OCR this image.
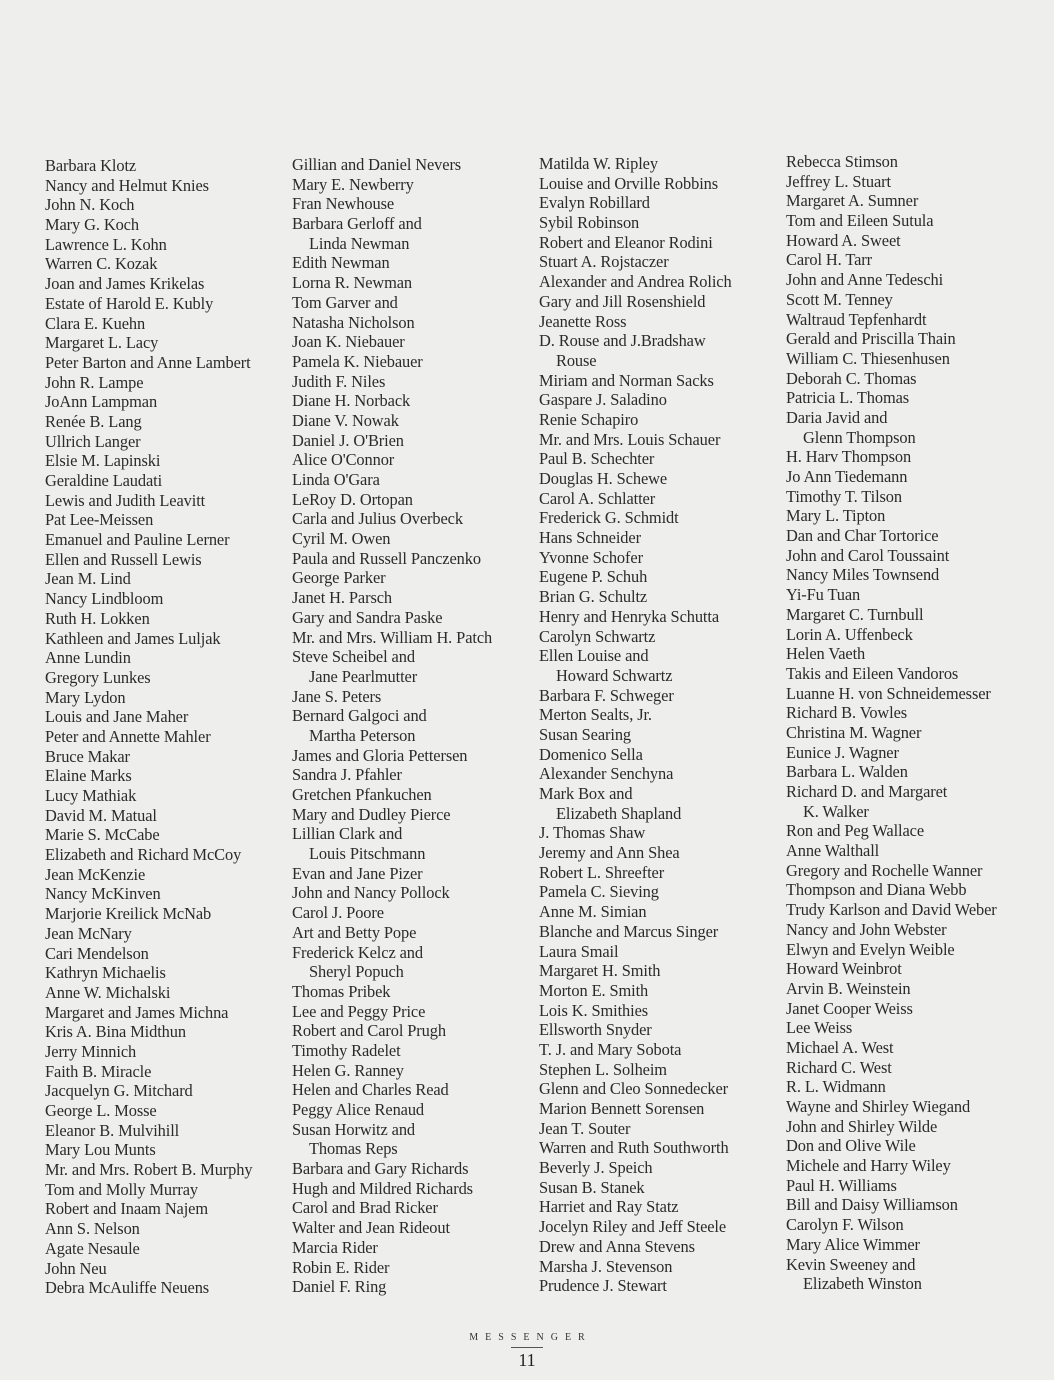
Barbara Klotz
Nancy and Helmut Knies
John N. Koch
Mary G. Koch
Lawrence L. Kohn
Warren C. Kozak
Joan and James Krikelas
Estate of Harold E. Kubly
Clara E. Kuehn
Margaret L. Lacy
Peter Barton and Anne Lambert
John R. Lampe
JoAnn Lampman
Renée B. Lang
Ullrich Langer
Elsie M. Lapinski
Geraldine Laudati
Lewis and Judith Leavitt
Pat Lee-Meissen
Emanuel and Pauline Lerner
Ellen and Russell Lewis
Jean M. Lind
Nancy Lindbloom
Ruth H. Lokken
Kathleen and James Luljak
Anne Lundin
Gregory Lunkes
Mary Lydon
Louis and Jane Maher
Peter and Annette Mahler
Bruce Makar
Elaine Marks
Lucy Mathiak
David M. Matual
Marie S. McCabe
Elizabeth and Richard McCoy
Jean McKenzie
Nancy McKinven
Marjorie Kreilick McNab
Jean McNary
Cari Mendelson
Kathryn Michaelis
Anne W. Michalski
Margaret and James Michna
Kris A. Bina Midthun
Jerry Minnich
Faith B. Miracle
Jacquelyn G. Mitchard
George L. Mosse
Eleanor B. Mulvihill
Mary Lou Munts
Mr. and Mrs. Robert B. Murphy
Tom and Molly Murray
Robert and Inaam Najem
Ann S. Nelson
Agate Nesaule
John Neu
Debra McAuliffe Neuens
Gillian and Daniel Nevers
Mary E. Newberry
Fran Newhouse
Barbara Gerloff and
Linda Newman
Edith Newman
Lorna R. Newman
Tom Garver and
Natasha Nicholson
Joan K. Niebauer
Pamela K. Niebauer
Judith F. Niles
Diane H. Norback
Diane V. Nowak
Daniel J. O'Brien
Alice O'Connor
Linda O'Gara
LeRoy D. Ortopan
Carla and Julius Overbeck
Cyril M. Owen
Paula and Russell Panczenko
George Parker
Janet H. Parsch
Gary and Sandra Paske
Mr. and Mrs. William H. Patch
Steve Scheibel and
Jane Pearlmutter
Jane S. Peters
Bernard Galgoci and
Martha Peterson
James and Gloria Pettersen
Sandra J. Pfahler
Gretchen Pfankuchen
Mary and Dudley Pierce
Lillian Clark and
Louis Pitschmann
Evan and Jane Pizer
John and Nancy Pollock
Carol J. Poore
Art and Betty Pope
Frederick Kelcz and
Sheryl Popuch
Thomas Pribek
Lee and Peggy Price
Robert and Carol Prugh
Timothy Radelet
Helen G. Ranney
Helen and Charles Read
Peggy Alice Renaud
Susan Horwitz and
Thomas Reps
Barbara and Gary Richards
Hugh and Mildred Richards
Carol and Brad Ricker
Walter and Jean Rideout
Marcia Rider
Robin E. Rider
Daniel F. Ring
Matilda W. Ripley
Louise and Orville Robbins
Evalyn Robillard
Sybil Robinson
Robert and Eleanor Rodini
Stuart A. Rojstaczer
Alexander and Andrea Rolich
Gary and Jill Rosenshield
Jeanette Ross
D. Rouse and J.Bradshaw
Rouse
Miriam and Norman Sacks
Gaspare J. Saladino
Renie Schapiro
Mr. and Mrs. Louis Schauer
Paul B. Schechter
Douglas H. Schewe
Carol A. Schlatter
Frederick G. Schmidt
Hans Schneider
Yvonne Schofer
Eugene P. Schuh
Brian G. Schultz
Henry and Henryka Schutta
Carolyn Schwartz
Ellen Louise and
Howard Schwartz
Barbara F. Schweger
Merton Sealts, Jr.
Susan Searing
Domenico Sella
Alexander Senchyna
Mark Box and
Elizabeth Shapland
J. Thomas Shaw
Jeremy and Ann Shea
Robert L. Shreefter
Pamela C. Sieving
Anne M. Simian
Blanche and Marcus Singer
Laura Smail
Margaret H. Smith
Morton E. Smith
Lois K. Smithies
Ellsworth Snyder
T. J. and Mary Sobota
Stephen L. Solheim
Glenn and Cleo Sonnedecker
Marion Bennett Sorensen
Jean T. Souter
Warren and Ruth Southworth
Beverly J. Speich
Susan B. Stanek
Harriet and Ray Statz
Jocelyn Riley and Jeff Steele
Drew and Anna Stevens
Marsha J. Stevenson
Prudence J. Stewart
Rebecca Stimson
Jeffrey L. Stuart
Margaret A. Sumner
Tom and Eileen Sutula
Howard A. Sweet
Carol H. Tarr
John and Anne Tedeschi
Scott M. Tenney
Waltraud Tepfenhardt
Gerald and Priscilla Thain
William C. Thiesenhusen
Deborah C. Thomas
Patricia L. Thomas
Daria Javid and
Glenn Thompson
H. Harv Thompson
Jo Ann Tiedemann
Timothy T. Tilson
Mary L. Tipton
Dan and Char Tortorice
John and Carol Toussaint
Nancy Miles Townsend
Yi-Fu Tuan
Margaret C. Turnbull
Lorin A. Uffenbeck
Helen Vaeth
Takis and Eileen Vandoros
Luanne H. von Schneidemesser
Richard B. Vowles
Christina M. Wagner
Eunice J. Wagner
Barbara L. Walden
Richard D. and Margaret
K. Walker
Ron and Peg Wallace
Anne Walthall
Gregory and Rochelle Wanner
Thompson and Diana Webb
Trudy Karlson and David Weber
Nancy and John Webster
Elwyn and Evelyn Weible
Howard Weinbrot
Arvin B. Weinstein
Janet Cooper Weiss
Lee Weiss
Michael A. West
Richard C. West
R. L. Widmann
Wayne and Shirley Wiegand
John and Shirley Wilde
Don and Olive Wile
Michele and Harry Wiley
Paul H. Williams
Bill and Daisy Williamson
Carolyn F. Wilson
Mary Alice Wimmer
Kevin Sweeney and
Elizabeth Winston
MESSENGER
11
